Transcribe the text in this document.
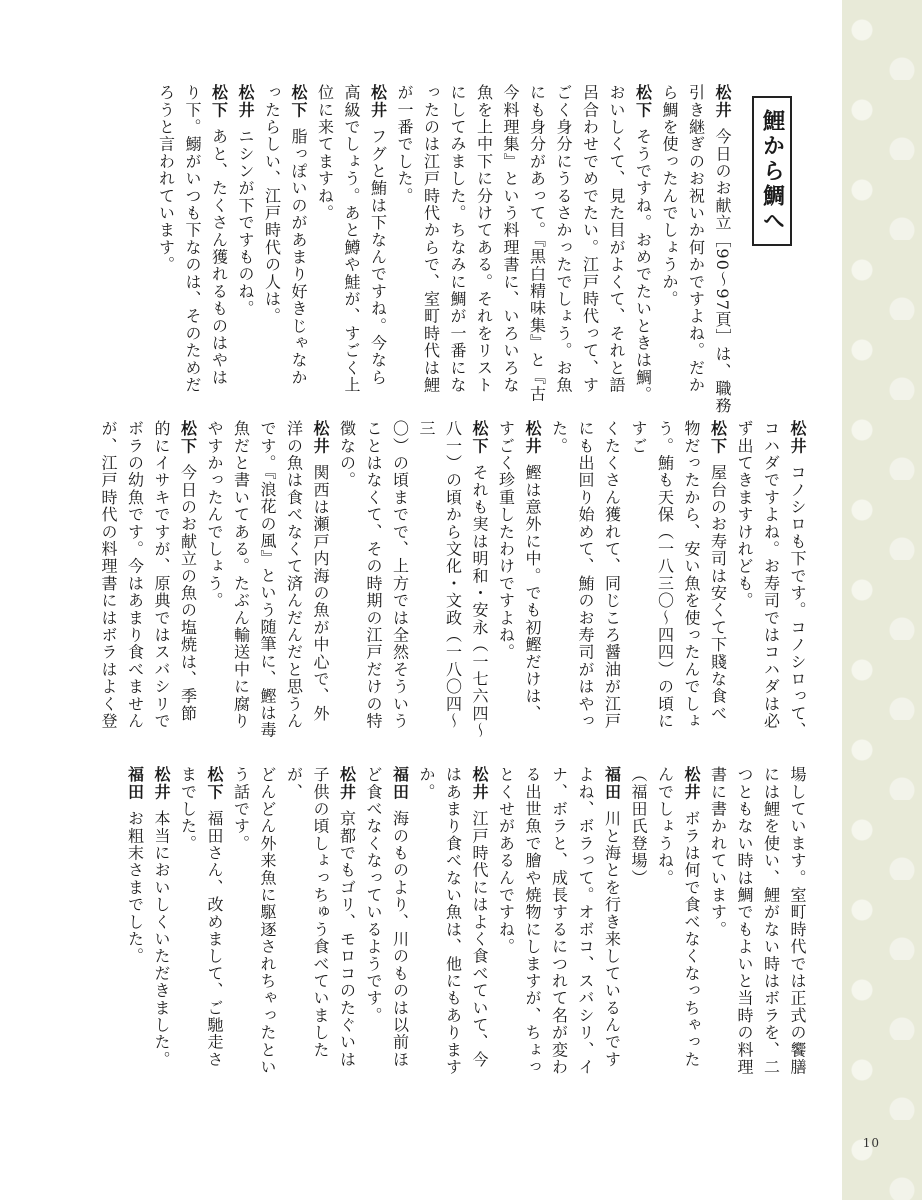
鯉から鯛へ
松井今日のお献立［90〜97頁］は、職務
引き継ぎのお祝いか何かですよね。だか
ら鯛を使ったんでしょうか。
松下そうですね。おめでたいときは鯛。
おいしくて、見た目がよくて、それと語
呂合わせでめでたい。江戸時代って、す
ごく身分にうるさかったでしょう。お魚
にも身分があって。『黒白精味集』と『古
今料理集』という料理書に、いろいろな
魚を上中下に分けてある。それをリスト
にしてみました。ちなみに鯛が一番にな
ったのは江戸時代からで、室町時代は鯉
が一番でした。
松井フグと鮪は下なんですね。今なら
高級でしょう。あと鱒や鮭が、すごく上
位に来てますね。
松下脂っぽいのがあまり好きじゃなか
ったらしい、江戸時代の人は。
松井ニシンが下ですものね。
松下あと、たくさん獲れるものはやは
り下。鰯がいつも下なのは、そのためだ
ろうと言われています。
松井コノシロも下です。コノシロって、
コハダですよね。お寿司ではコハダは必
ず出てきますけれども。
松下屋台のお寿司は安くて下賤な食べ
物だったから、安い魚を使ったんでしょ
う。鮪も天保（一八三〇〜四四）の頃にすご
くたくさん獲れて、同じころ醤油が江戸
にも出回り始めて、鮪のお寿司がはやっ
た。
松井鰹は意外に中。でも初鰹だけは、
すごく珍重したわけですよね。
松下それも実は明和・安永（一七六四〜
八一）の頃から文化・文政（一八〇四〜三
〇）の頃までで、上方では全然そういう
ことはなくて、その時期の江戸だけの特
徴なの。
松井関西は瀬戸内海の魚が中心で、外
洋の魚は食べなくて済んだんだと思うん
です。『浪花の風』という随筆に、鰹は毒
魚だと書いてある。たぶん輸送中に腐り
やすかったんでしょう。
松下今日のお献立の魚の塩焼は、季節
的にイサキですが、原典ではスバシリで
ボラの幼魚です。今はあまり食べません
が、江戸時代の料理書にはボラはよく登
場しています。室町時代では正式の饗膳
には鯉を使い、鯉がない時はボラを、二
つともない時は鯛でもよいと当時の料理
書に書かれています。
松井ボラは何で食べなくなっちゃった
んでしょうね。
（福田氏登場）
福田川と海とを行き来しているんです
よね、ボラって。オボコ、スバシリ、イ
ナ、ボラと、成長するにつれて名が変わ
る出世魚で膾や焼物にしますが、ちょっ
とくせがあるんですね。
松井江戸時代にはよく食べていて、今
はあまり食べない魚は、他にもあります
か。
福田海のものより、川のものは以前ほ
ど食べなくなっているようです。
松井京都でもゴリ、モロコのたぐいは
子供の頃しょっちゅう食べていましたが、
どんどん外来魚に駆逐されちゃったとい
う話です。
松下福田さん、改めまして、ご馳走さ
までした。
松井本当においしくいただきました。
福田お粗末さまでした。
10
